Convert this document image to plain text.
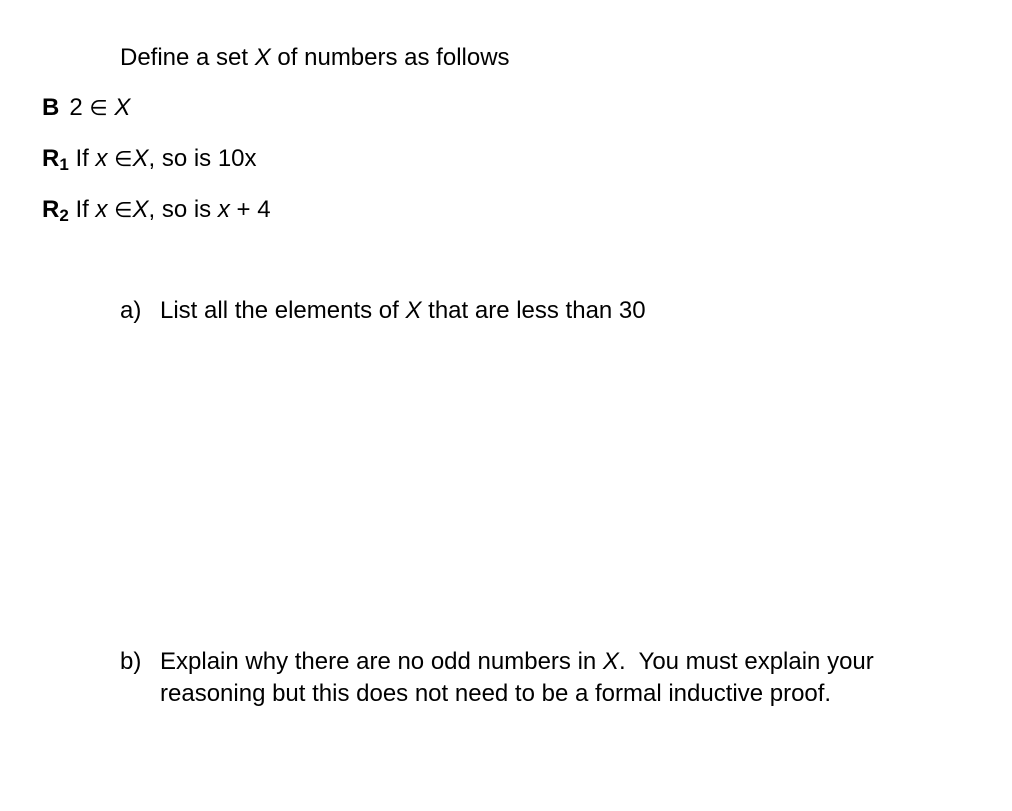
Define a set X of numbers as follows
B 2 ∈ X
R1 If x ∈X, so is 10x
R2 If x ∈X, so is x + 4
a) List all the elements of X that are less than 30
b) Explain why there are no odd numbers in X.  You must explain your
reasoning but this does not need to be a formal inductive proof.
